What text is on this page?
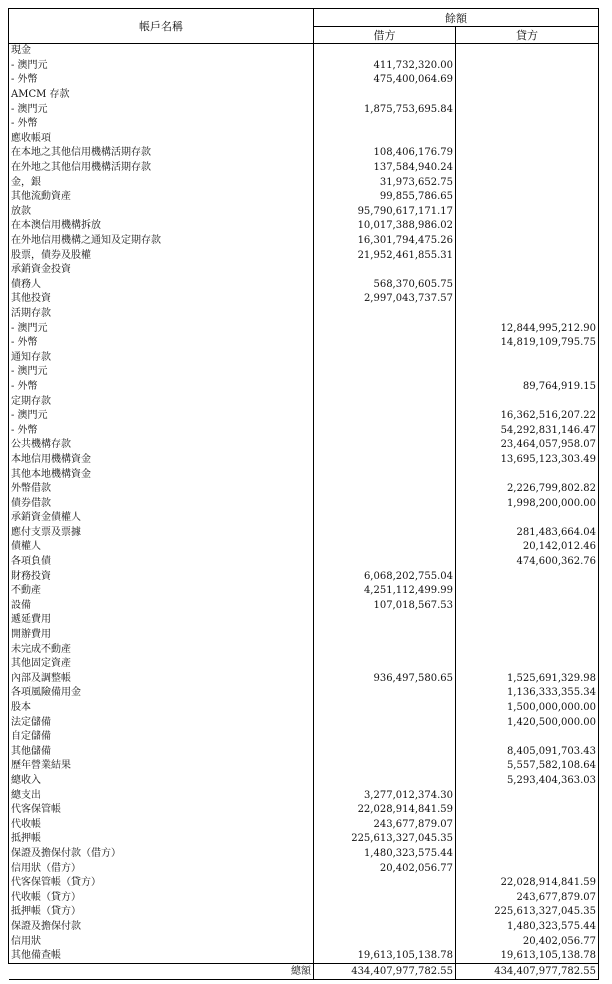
帳戶名稱	餘額	
	借方	貸方
現金		
- 澳門元	411,732,320.00	
- 外幣	475,400,064.69	
AMCM 存款		
- 澳門元	1,875,753,695.84	
- 外幣		
應收帳項		
在本地之其他信用機構活期存款	108,406,176.79	
在外地之其他信用機構活期存款	137,584,940.24	
金，銀	31,973,652.75	
其他流動資產	99,855,786.65	
放款	95,790,617,171.17	
在本澳信用機構拆放	10,017,388,986.02	
在外地信用機構之通知及定期存款	16,301,794,475.26	
股票，債券及股權	21,952,461,855.31	
承銷資金投資		
債務人	568,370,605.75	
其他投資	2,997,043,737.57	
活期存款		
- 澳門元		12,844,995,212.90
- 外幣		14,819,109,795.75
通知存款		
- 澳門元		
- 外幣		89,764,919.15
定期存款		
- 澳門元		16,362,516,207.22
- 外幣		54,292,831,146.47
公共機構存款		23,464,057,958.07
本地信用機構資金		13,695,123,303.49
其他本地機構資金		
外幣借款		2,226,799,802.82
債券借款		1,998,200,000.00
承銷資金債權人		
應付支票及票據		281,483,664.04
債權人		20,142,012.46
各項負債		474,600,362.76
財務投資	6,068,202,755.04	
不動產	4,251,112,499.99	
設備	107,018,567.53	
遞延費用		
開辦費用		
未完成不動產		
其他固定資產		
內部及調整帳	936,497,580.65	1,525,691,329.98
各項風險備用金		1,136,333,355.34
股本		1,500,000,000.00
法定儲備		1,420,500,000.00
自定儲備		
其他儲備		8,405,091,703.43
歷年營業結果		5,557,582,108.64
總收入		5,293,404,363.03
總支出	3,277,012,374.30	
代客保管帳	22,028,914,841.59	
代收帳	243,677,879.07	
抵押帳	225,613,327,045.35	
保證及擔保付款（借方）	1,480,323,575.44	
信用狀（借方）	20,402,056.77	
代客保管帳（貸方）		22,028,914,841.59
代收帳（貸方）		243,677,879.07
抵押帳（貸方）		225,613,327,045.35
保證及擔保付款		1,480,323,575.44
信用狀		20,402,056.77
其他備查帳	19,613,105,138.78	19,613,105,138.78
總額	434,407,977,782.55	434,407,977,782.55
